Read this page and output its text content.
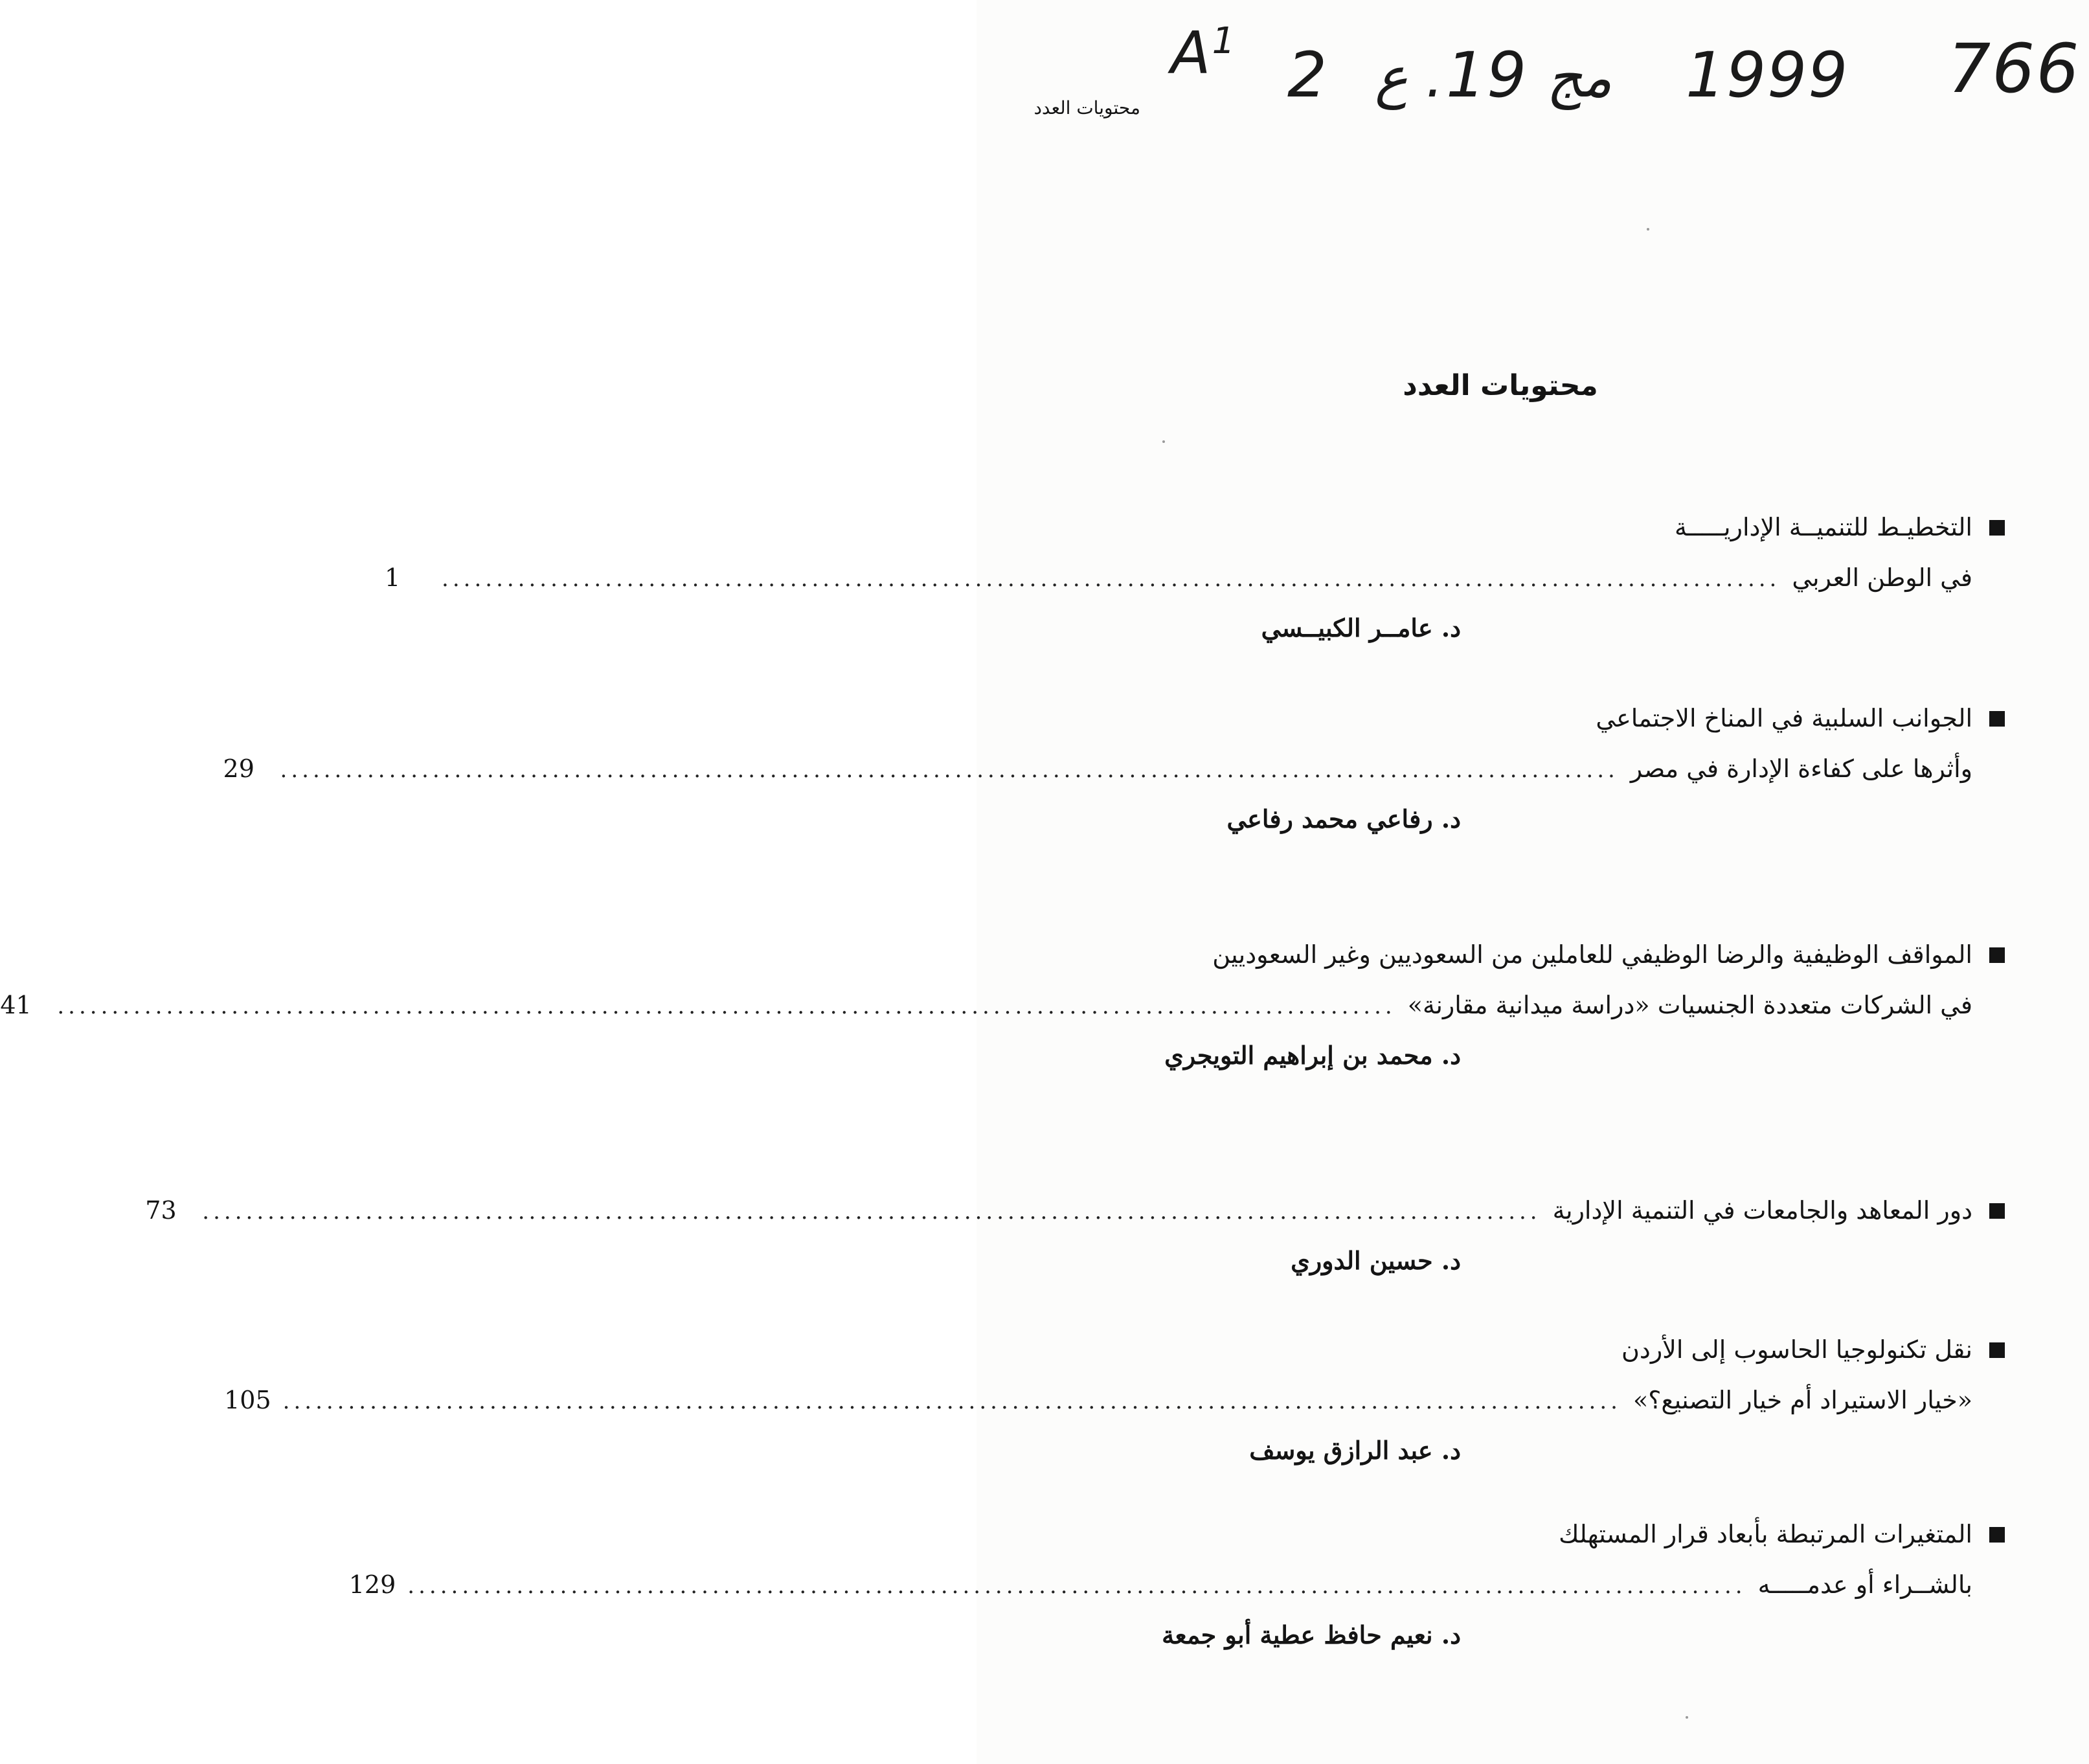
محتويات العدد
$A^1$ 2 ع . 19 مج 1999 766
محتويات العدد
التخطيـط للتنميــة الإداريـــــة
في الوطن العربي
...........................................................................................................................
1
د. عامــر الكبيــسي
الجوانب السلبية في المناخ الاجتماعي
وأثرها على كفاءة الإدارة في مصر
...........................................................................................................................
29
د. رفاعي محمد رفاعي
المواقف الوظيفية والرضا الوظيفي للعاملين من السعوديين وغير السعوديين
في الشركات متعددة الجنسيات «دراسة ميدانية مقارنة»
...........................................................................................................................
41
د. محمد بن إبراهيم التويجري
دور المعاهد والجامعات في التنمية الإدارية
...........................................................................................................................
73
د. حسين الدوري
نقل تكنولوجيا الحاسوب إلى الأردن
«خيار الاستيراد أم خيار التصنيع؟»
...........................................................................................................................
105
د. عبد الرازق يوسف
المتغيرات المرتبطة بأبعاد قرار المستهلك
بالشــراء أو عدمـــــه
...........................................................................................................................
129
د. نعيم حافظ عطية أبو جمعة
